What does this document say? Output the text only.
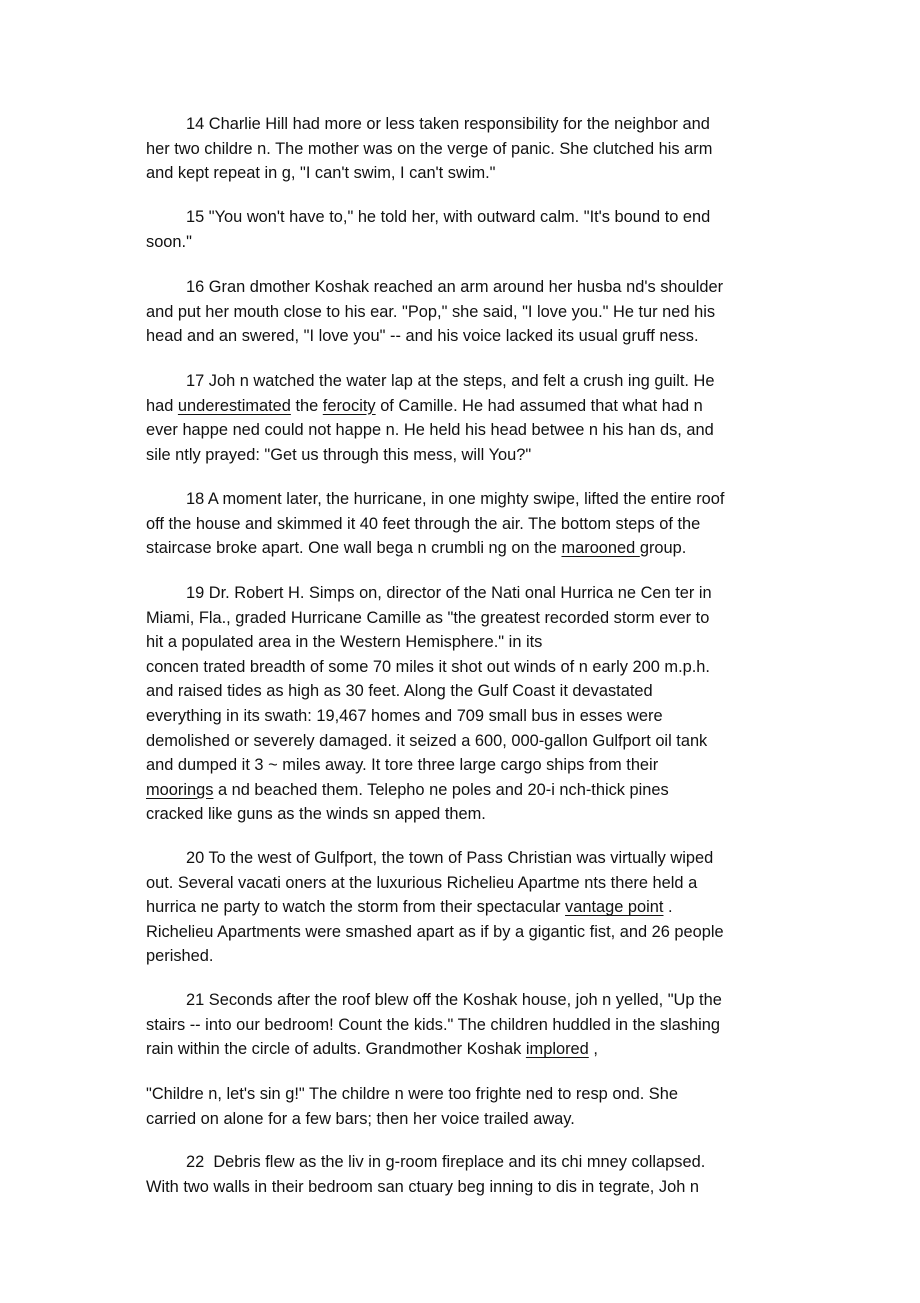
14 Charlie Hill had more or less taken responsibility for the neighbor and
her two childre n. The mother was on the verge of panic. She clutched his arm
and kept repeat in g, "I can't swim, I can't swim."
15 "You won't have to," he told her, with outward calm. "It's bound to end
soon."
16 Gran dmother Koshak reached an arm around her husba nd's shoulder
and put her mouth close to his ear. "Pop," she said, "I love you." He tur ned his
head and an swered, "I love you" -- and his voice lacked its usual gruff ness.
17 Joh n watched the water lap at the steps, and felt a crush ing guilt. He
had underestimated the ferocity of Camille. He had assumed that what had n
ever happe ned could not happe n. He held his head betwee n his han ds, and
sile ntly prayed: "Get us through this mess, will You?"
18 A moment later, the hurricane, in one mighty swipe, lifted the entire roof
off the house and skimmed it 40 feet through the air. The bottom steps of the
staircase broke apart. One wall bega n crumbli ng on the marooned group.
19 Dr. Robert H. Simps on, director of the Nati onal Hurrica ne Cen ter in
Miami, Fla., graded Hurricane Camille as "the greatest recorded storm ever to
hit a populated area in the Western Hemisphere." in its
concen trated breadth of some 70 miles it shot out winds of n early 200 m.p.h.
and raised tides as high as 30 feet. Along the Gulf Coast it devastated
everything in its swath: 19,467 homes and 709 small bus in esses were
demolished or severely damaged. it seized a 600, 000-gallon Gulfport oil tank
and dumped it 3 ~ miles away. It tore three large cargo ships from their
moorings a nd beached them. Telepho ne poles and 20-i nch-thick pines
cracked like guns as the winds sn apped them.
20 To the west of Gulfport, the town of Pass Christian was virtually wiped
out. Several vacati oners at the luxurious Richelieu Apartme nts there held a
hurrica ne party to watch the storm from their spectacular vantage point .
Richelieu Apartments were smashed apart as if by a gigantic fist, and 26 people
perished.
21 Seconds after the roof blew off the Koshak house, joh n yelled, "Up the
stairs -- into our bedroom! Count the kids." The children huddled in the slashing
rain within the circle of adults. Grandmother Koshak implored ,
"Childre n, let's sin g!" The childre n were too frighte ned to resp ond. She
carried on alone for a few bars; then her voice trailed away.
22  Debris flew as the liv in g-room fireplace and its chi mney collapsed.
With two walls in their bedroom san ctuary beg inning to dis in tegrate, Joh n
